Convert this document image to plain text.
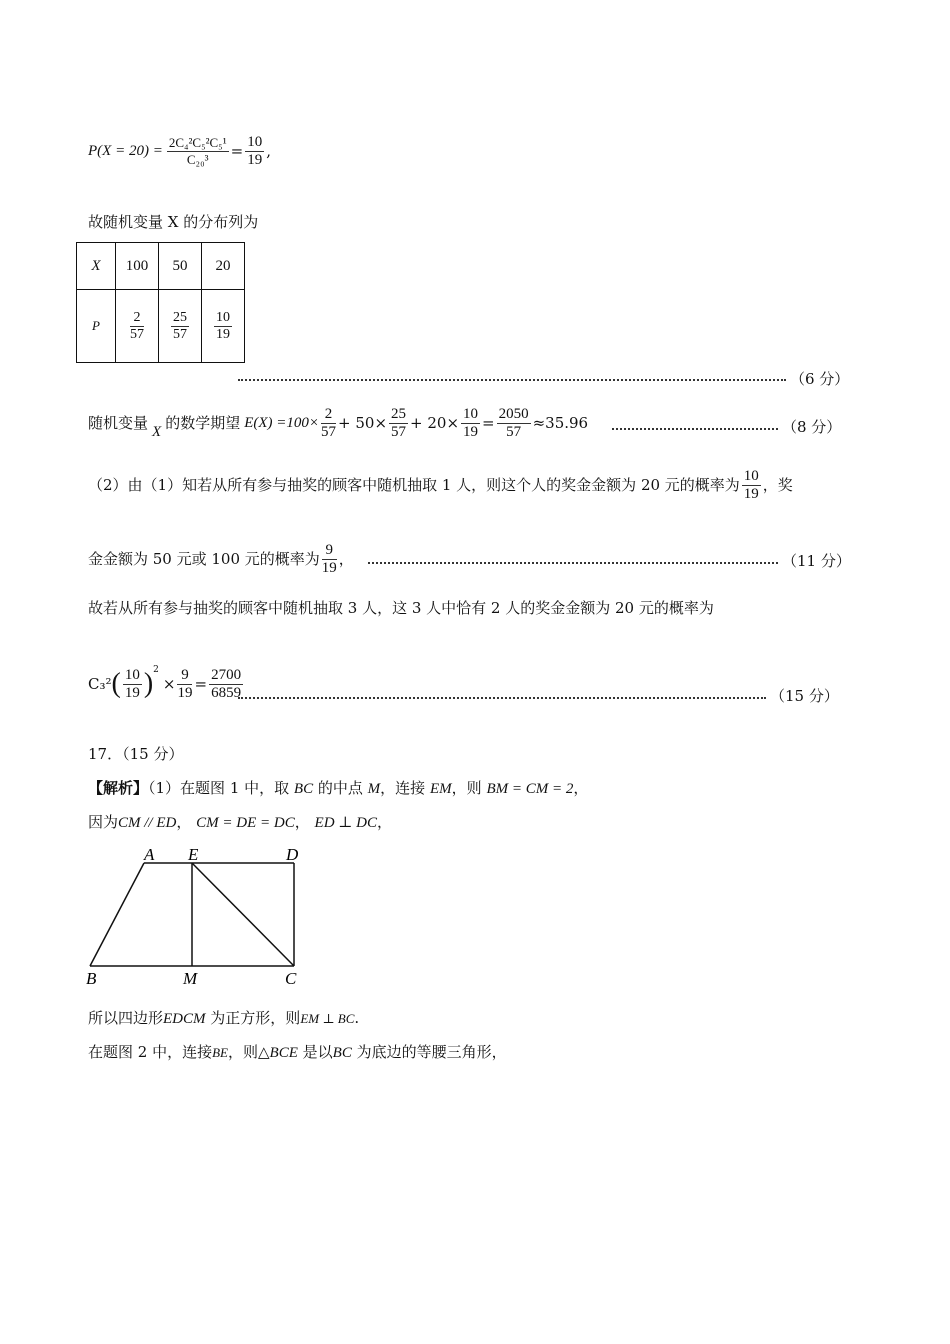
$P(X = 20) = \frac{\text{2C₄²C₅²C₅¹}}{\text{C₂₀³}} = \frac{10}{19}$ ,
故随机变量 X 的分布列为
X	100	50	20
P	$\frac{2}{57}$	$\frac{25}{57}$	$\frac{10}{19}$
（6 分）
随机变量 X 的数学期望 $E(X) =100\times \frac{2}{57} + 50\times \frac{25}{57} + 20\times \frac{10}{19} = \frac{2050}{57} \approx 35.96$	（8 分）
（2）由（1）知若从所有参与抽奖的顾客中随机抽取 1 人，则这个人的奖金金额为 20 元的概率为 $\frac{10}{19}$ ，奖
金金额为 50 元或 100 元的概率为 $\frac{9}{19}$ ，	（11 分）
故若从所有参与抽奖的顾客中随机抽取 3 人，这 3 人中恰有 2 人的奖金金额为 20 元的概率为
C₃² ( $\frac{10}{19}$ ) 2
× $\frac{9}{19} = \frac{2700}{6859}$	（15 分）
17．（15 分）
【解析】（1）在题图 1 中，取 BC 的中点 M，连接 EM，则 BM = CM = 2，
因为CM // ED， CM = DE = DC， ED ⊥ DC，
A E	D
B	M	C
所以四边形EDCM 为正方形，则EM ⊥ BC.
在题图 2 中，连接BE，则△BCE 是以BC 为底边的等腰三角形，
